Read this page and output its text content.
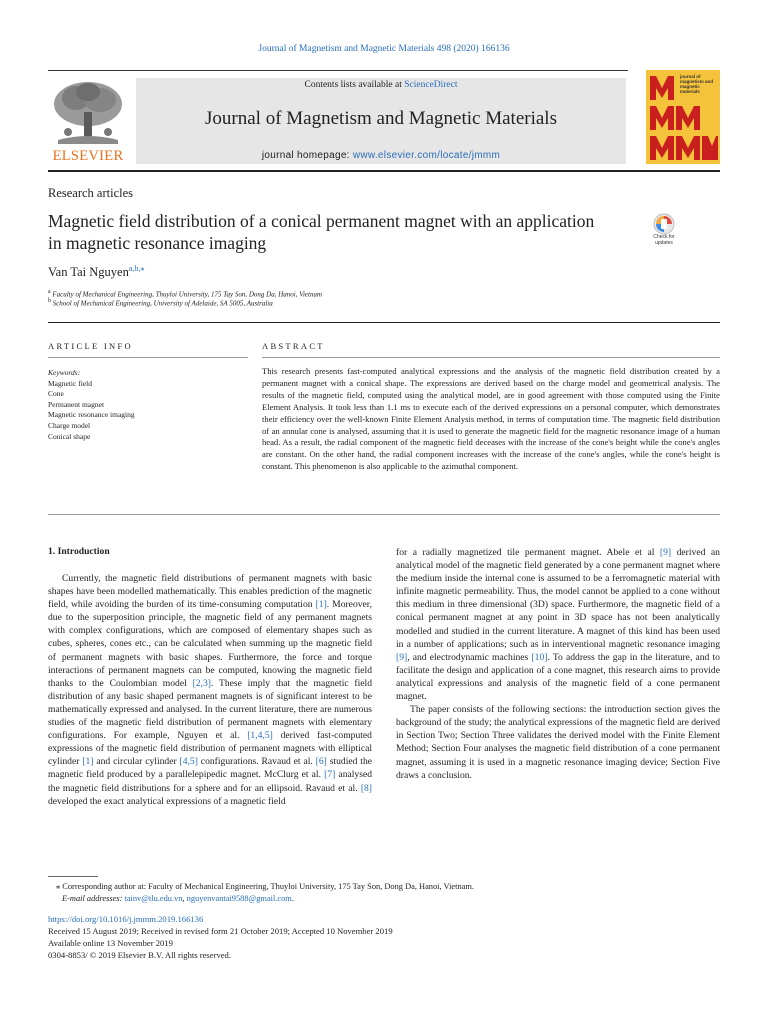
Journal of Magnetism and Magnetic Materials 498 (2020) 166136
ELSEVIER
Contents lists available at ScienceDirect
Journal of Magnetism and Magnetic Materials
journal homepage: www.elsevier.com/locate/jmmm
journal of magnetism and magnetic materials
Research articles
Magnetic field distribution of a conical permanent magnet with an application in magnetic resonance imaging	Check for updates
Van Tai Nguyen$^{a,b,⁎}$
$^a$ Faculty of Mechanical Engineering, Thuyloi University, 175 Tay Son, Dong Da, Hanoi, Vietnam
$^b$ School of Mechanical Engineering, University of Adelaide, SA 5005, Australia
ARTICLE INFO	ABSTRACT
Keywords:
Magnetic field
Cone
Permanent magnet
Magnetic resonance imaging
Charge model
Conical shape
This research presents fast-computed analytical expressions and the analysis of the magnetic field distribution created by a permanent magnet with a conical shape. The expressions are derived based on the charge model and geometrical analysis. The results of the magnetic field, computed using the analytical model, are in good agreement with those computed using the Finite Element Analysis. It took less than 1.1 ms to execute each of the derived expressions on a personal computer, which demonstrates their efficiency over the well-known Finite Element Analysis method, in terms of computation time. The magnetic field distribution of an annular cone is analysed, assuming that it is used to generate the magnetic field for the magnetic resonance image of a human head. As a result, the radial component of the magnetic field deceases with the increase of the cone's height while the cone's angles are constant. On the other hand, the radial component increases with the increase of the cone's angles, while the cone's height is constant. This phenomenon is also applicable to the azimuthal component.
1. Introduction

Currently, the magnetic field distributions of permanent magnets with basic shapes have been modelled mathematically. This enables prediction of the magnetic field, while avoiding the burden of its time-consuming computation [1]. Moreover, due to the superposition principle, the magnetic field of any permanent magnets with complex configurations, which are composed of elementary shapes such as cubes, spheres, cones etc., can be calculated when summing up the magnetic field of permanent magnets with basic shapes. Furthermore, the force and torque interactions of permanent magnets can be computed, knowing the magnetic field thanks to the Coulombian model [2,3]. These imply that the magnetic field distribution of any basic shaped permanent magnets is of significant interest to be mathematically expressed and analysed. In the current literature, there are numerous studies of the magnetic field distribution of permanent magnets with elementary configurations. For example, Nguyen et al. [1,4,5] derived fast-computed expressions of the magnetic field distribution of permanent magnets with elliptical cylinder [1] and circular cylinder [4,5] configurations. Ravaud et al. [6] studied the magnetic field produced by a parallelepipedic magnet. McClurg et al. [7] analysed the magnetic field distributions for a sphere and for an ellipsoid. Ravaud et al. [8] developed the exact analytical expressions of a magnetic field

for a radially magnetized tile permanent magnet. Abele et al [9] derived an analytical model of the magnetic field generated by a cone permanent magnet where the medium inside the internal cone is assumed to be a ferromagnetic material with infinite magnetic permeability. Thus, the model cannot be applied to a cone without this medium in three dimensional (3D) space. Furthermore, the magnetic field of a conical permanent magnet at any point in 3D space has not been analytically modelled and studied in the current literature. A magnet of this kind has been used in a number of applications; such as in interventional magnetic resonance imaging [9], and electrodynamic machines [10]. To address the gap in the literature, and to facilitate the design and application of a cone magnet, this research aims to provide analytical expressions and analysis of the magnetic field of a cone permanent magnet.

The paper consists of the following sections: the introduction section gives the background of the study; the analytical expressions of the magnetic field are derived in Section Two; Section Three validates the derived model with the Finite Element Method; Section Four analyses the magnetic field distribution of a cone permanent magnet, assuming it is used in a magnetic resonance imaging device; Section Five draws a conclusion.

⁎ Corresponding author at: Faculty of Mechanical Engineering, Thuyloi University, 175 Tay Son, Dong Da, Hanoi, Vietnam.
E-mail addresses: tainv@tlu.edu.vn, nguyenvantai9588@gmail.com.
https://doi.org/10.1016/j.jmmm.2019.166136
Received 15 August 2019; Received in revised form 21 October 2019; Accepted 10 November 2019
Available online 13 November 2019
0304-8853/ © 2019 Elsevier B.V. All rights reserved.
